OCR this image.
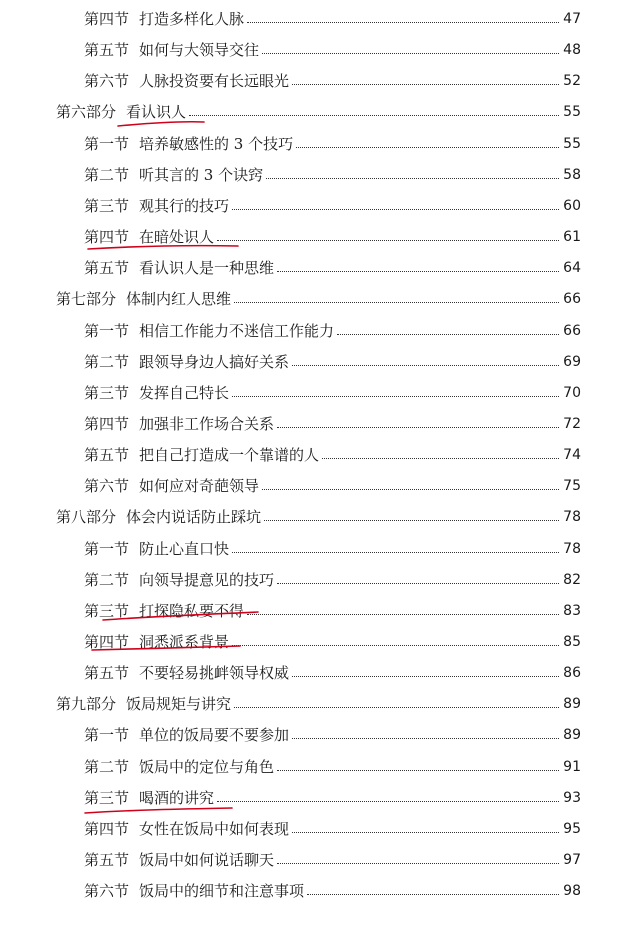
第四节 打造多样化人脉	47
第五节 如何与大领导交往	48
第六节 人脉投资要有长远眼光	52
第六部分 看认识人	55
第一节 培养敏感性的 3 个技巧	55
第二节 听其言的 3 个诀窍	58
第三节 观其行的技巧	60
第四节 在暗处识人	61
第五节 看认识人是一种思维	64
第七部分 体制内红人思维	66
第一节 相信工作能力不迷信工作能力	66
第二节 跟领导身边人搞好关系	69
第三节 发挥自己特长	70
第四节 加强非工作场合关系	72
第五节 把自己打造成一个靠谱的人	74
第六节 如何应对奇葩领导	75
第八部分 体会内说话防止踩坑	78
第一节 防止心直口快	78
第二节 向领导提意见的技巧	82
第三节 打探隐私要不得	83
第四节 洞悉派系背景	85
第五节 不要轻易挑衅领导权威	86
第九部分 饭局规矩与讲究	89
第一节 单位的饭局要不要参加	89
第二节 饭局中的定位与角色	91
第三节 喝酒的讲究	93
第四节 女性在饭局中如何表现	95
第五节 饭局中如何说话聊天	97
第六节 饭局中的细节和注意事项	98
